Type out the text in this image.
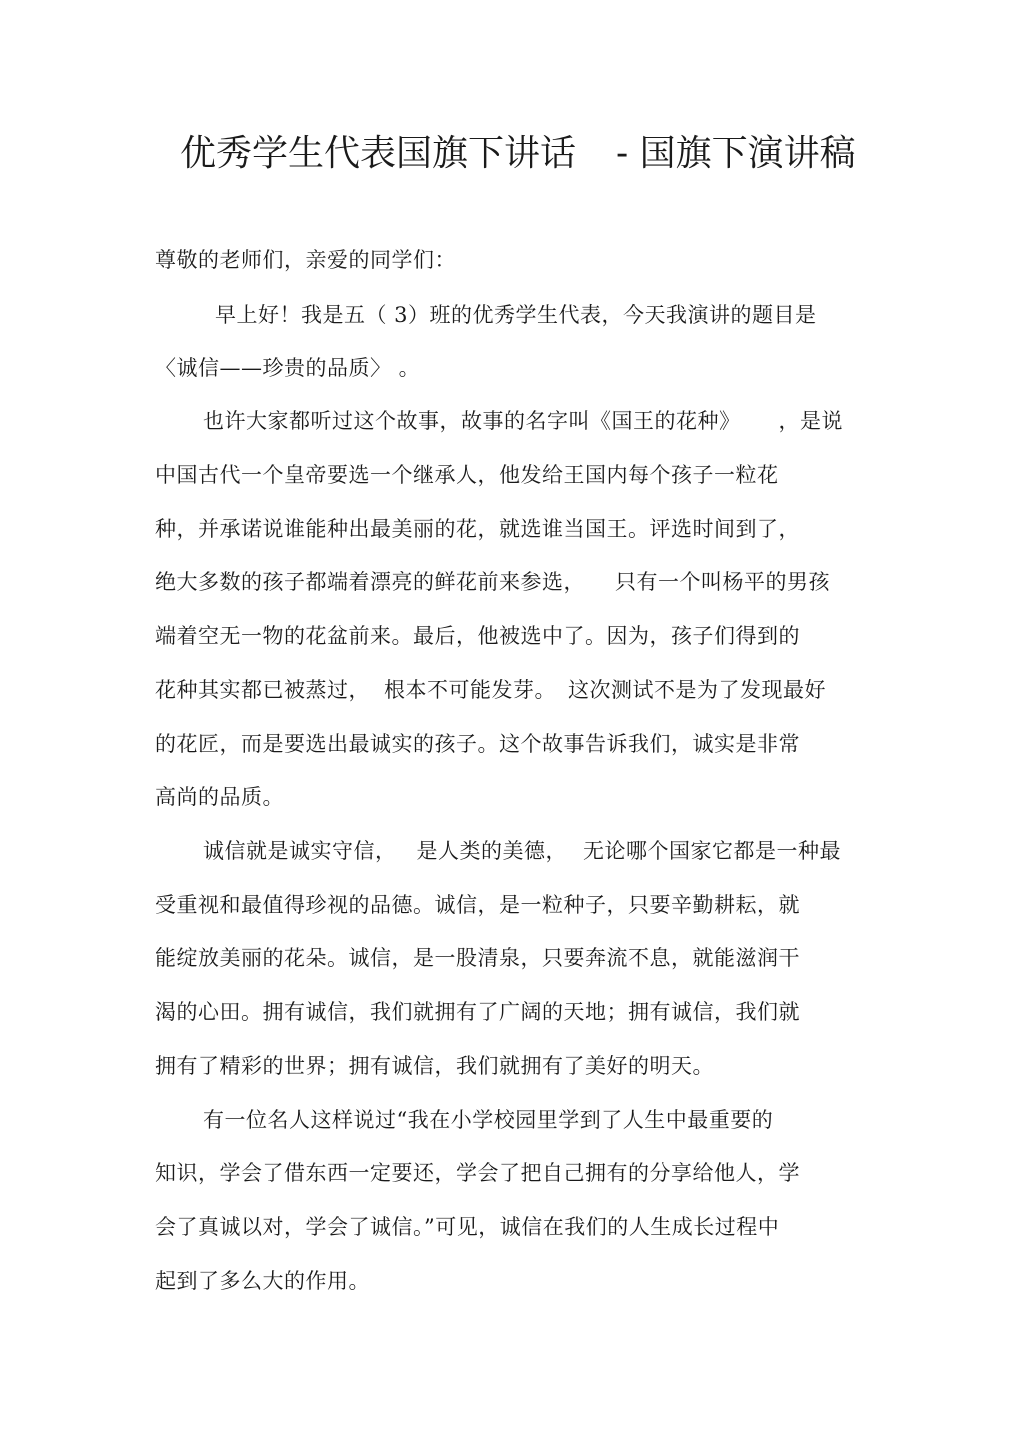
优秀学生代表国旗下讲话 - 国旗下演讲稿
尊敬的老师们，亲爱的同学们：
早上好！我是五（ 3）班的优秀学生代表，今天我演讲的题目是
〈诚信——珍贵的品质〉 。
也许大家都听过这个故事，故事的名字叫《国王的花种》 ，是说
中国古代一个皇帝要选一个继承人，他发给王国内每个孩子一粒花
种，并承诺说谁能种出最美丽的花，就选谁当国王。评选时间到了，
绝大多数的孩子都端着漂亮的鲜花前来参选， 只有一个叫杨平的男孩
端着空无一物的花盆前来。最后，他被选中了。因为，孩子们得到的
花种其实都已被蒸过， 根本不可能发芽。 这次测试不是为了发现最好
的花匠，而是要选出最诚实的孩子。这个故事告诉我们，诚实是非常
高尚的品质。
诚信就是诚实守信， 是人类的美德， 无论哪个国家它都是一种最
受重视和最值得珍视的品德。诚信，是一粒种子，只要辛勤耕耘，就
能绽放美丽的花朵。诚信，是一股清泉，只要奔流不息，就能滋润干
渴的心田。拥有诚信，我们就拥有了广阔的天地；拥有诚信，我们就
拥有了精彩的世界；拥有诚信，我们就拥有了美好的明天。
有一位名人这样说过“我在小学校园里学到了人生中最重要的
知识，学会了借东西一定要还，学会了把自己拥有的分享给他人，学
会了真诚以对，学会了诚信。”可见，诚信在我们的人生成长过程中
起到了多么大的作用。
